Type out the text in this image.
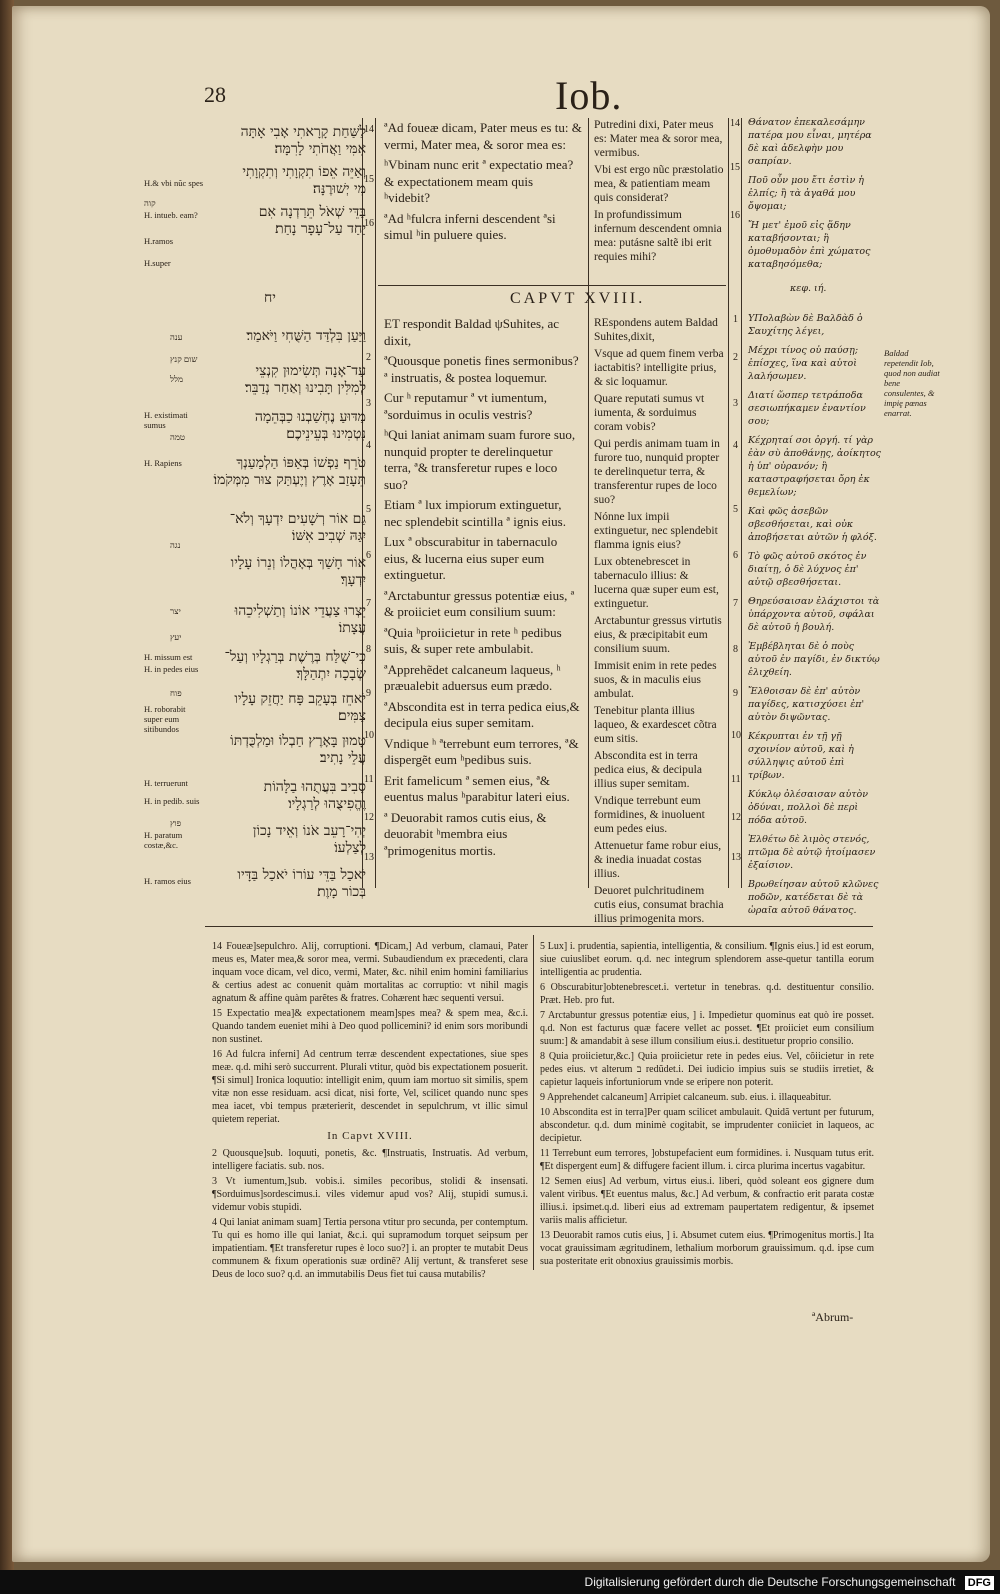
28	Iob.
לַשַּׁחַת קָרָאתִי אָבִי אָתָּה
אִמִּי וַאֲחֹתִי לָרִמָּה׃
וְאַיֵּה אֵפוֹ תִקְוָתִי וְתִקְוָתִי
מִי יְשׁוּרֶנָּה׃
בַּדֵּי שְׁאֹל תֵּרַדְנָה אִם
יַחַד עַל־עָפָר נָחַת׃
יח
וַיַּעַן בִּלְדַּד הַשֻּׁחִי וַיֹּאמַר׃
עַד־אָנָה תְּשִׂימוּן קִנְצֵי
לְמִלִּין תָּבִינוּ וְאַחַר נְדַבֵּר׃
מַדּוּעַ נֶחְשַׁבְנוּ כַבְּהֵמָה
נִטְמִינוּ בְּעֵינֵיכֶם׃
טֹרֵף נַפְשׁוֹ בְּאַפּוֹ הַלְמַעַנְךָ
תֵּעָזַב אָרֶץ וְיֶעְתַּק צוּר מִמְּקֹמוֹ׃
גַּם אוֹר רְשָׁעִים יִדְעָךְ וְלֹא־
יִגַּהּ שְׁבִיב אִשּׁוֹ׃
אוֹר חָשַׁךְ בְּאָהֳלוֹ וְנֵרוֹ עָלָיו
יִדְעָךְ׃
יֵצְרוּ צַעֲדֵי אוֹנוֹ וְתַשְׁלִיכֵהוּ
עֲצָתוֹ׃
כִּי־שֻׁלַּח בְּרֶשֶׁת בְּרַגְלָיו וְעַל־
שְׂבָכָה יִתְהַלָּךְ׃
יֹאחֵז בְּעָקֵב פָּח יַחֲזֵק עָלָיו
צַמִּים׃
טָמוּן בָּאָרֶץ חַבְלוֹ וּמַלְכֻּדְתּוֹ
עֲלֵי נָתִיב׃
סָבִיב בִּעֲתֻהוּ בַלָּהוֹת
וֶהֱפִיצֻהוּ לְרַגְלָיו׃
יְהִי־רָעֵב אֹנוֹ וְאֵיד נָכוֹן
לְצַלְעוֹ׃
יֹאכַל בַּדֵּי עוֹרוֹ יֹאכַל בַּדָּיו
בְּכוֹר מָוֶת׃
H.& vbi nũc spes
קוה
H. intueb. eam?
H.ramos
H.super
ענה
שום קנץ
מלל
H. existimati sumus
טמה
H. Rapiens
נגה
יצר
יעץ
H. missum est
H. in pedes eius
פוח
H. roborabit super eum sitibundos
H. terruerunt
H. in pedib. suis
פוץ
H. paratum costæ,&c.
H. ramos eius
14
15
16
2
3
4
5
6
7
8
9
10
11
12
13
14
15
16
1
2
3
4
5
6
7
8
9
10
11
12
13

ªAd foueæ dicam, Pater meus es tu: & vermi, Mater mea, & soror mea es:

ʰVbinam nunc erit ª expectatio mea? & expectationem meam quis ʰvidebit?

ªAd ʰfulcra inferni descendent ªsi simul ʰin puluere quies.

CAPVT XVIII.

ET respondit Baldad ψSuhites, ac dixit,

ªQuousque ponetis fines sermonibus? ª instruatis, & postea loquemur.

Cur ʰ reputamur ª vt iumentum, ªsorduimus in oculis vestris?

ʰQui laniat animam suam furore suo, nunquid propter te derelinquetur terra, ª& transferetur rupes e loco suo?

Etiam ª lux impiorum extinguetur, nec splendebit scintilla ª ignis eius.

Lux ª obscurabitur in tabernaculo eius, & lucerna eius super eum extinguetur.

ªArctabuntur gressus potentiæ eius, ª & proiiciet eum consilium suum:

ªQuia ʰproiicietur in rete ʰ pedibus suis, & super rete ambulabit.

ªApprehẽdet calcaneum laqueus, ʰ præualebit aduersus eum prædo.

ªAbscondita est in terra pedica eius,& decipula eius super semitam.

Vndique ʰ ªterrebunt eum terrores, ª& dispergẽt eum ʰpedibus suis.

Erit famelicum ª semen eius, ª& euentus malus ʰparabitur lateri eius.

ª Deuorabit ramos cutis eius, & deuorabit ʰmembra eius ªprimogenitus mortis.

Putredini dixi, Pater meus es: Mater mea & soror mea, vermibus.

Vbi est ergo nũc præstolatio mea, & patientiam meam quis considerat?

In profundissimum infernum descendent omnia mea: putásne saltẽ ibi erit requies mihi?

REspondens autem Baldad Suhites,dixit,

Vsque ad quem finem verba iactabitis? intelligite prius, & sic loquamur.

Quare reputati sumus vt iumenta, & sorduimus coram vobis?

Qui perdis animam tuam in furore tuo, nunquid propter te derelinquetur terra, & transferentur rupes de loco suo?

Nónne lux impii extinguetur, nec splendebit flamma ignis eius?

Lux obtenebrescet in tabernaculo illius: & lucerna quæ super eum est, extinguetur.

Arctabuntur gressus virtutis eius, & præcipitabit eum consilium suum.

Immisit enim in rete pedes suos, & in maculis eius ambulat.

Tenebitur planta illius laqueo, & exardescet cõtra eum sitis.

Abscondita est in terra pedica eius, & decipula illius super semitam.

Vndique terrebunt eum formidines, & inuoluent eum pedes eius.

Attenuetur fame robur eius, & inedia inuadat costas illius.

Deuoret pulchritudinem cutis eius, consumat brachia illius primogenita mors.

Θάνατον ἐπεκαλεσάμην πατέρα μου εἶναι, μητέρα δὲ καὶ ἀδελφὴν μου σαπρίαν.

Ποῦ οὖν μου ἔτι ἐστὶν ἡ ἐλπίς; ἢ τὰ ἀγαθά μου ὄψομαι;

Ἤ μετ' ἐμοῦ εἰς ᾅδην καταβήσονται; ἢ ὁμοθυμαδὸν ἐπὶ χώματος καταβησόμεθα;

κεφ. ιή.

ΥΠολαβὼν δὲ Βαλδὰδ ὁ Σαυχίτης λέγει,

Μέχρι τίνος οὐ παύσῃ; ἐπίσχες, ἵνα καὶ αὐτοὶ λαλήσωμεν.

Διατί ὥσπερ τετράποδα σεσιωπήκαμεν ἐναντίον σου;

Κέχρηταί σοι ὀργή. τί γὰρ ἐὰν σὺ ἀποθάνῃς, ἀοίκητος ἡ ὑπ' οὐρανόν; ἢ καταστραφήσεται ὄρη ἐκ θεμελίων;

Καὶ φῶς ἀσεβῶν σβεσθήσεται, καὶ οὐκ ἀποβήσεται αὐτῶν ἡ φλόξ.

Τὸ φῶς αὐτοῦ σκότος ἐν διαίτῃ, ὁ δὲ λύχνος ἐπ' αὐτῷ σβεσθήσεται.

Θηρεύσαισαν ἐλάχιστοι τὰ ὑπάρχοντα αὐτοῦ, σφάλαι δὲ αὐτοῦ ἡ βουλή.

Ἐμβέβληται δὲ ὁ ποὺς αὐτοῦ ἐν παγίδι, ἐν δικτύῳ ἑλιχθείη.

Ἔλθοισαν δὲ ἐπ' αὐτὸν παγίδες, κατισχύσει ἐπ' αὐτὸν διψῶντας.

Κέκρυπται ἐν τῇ γῇ σχοινίον αὐτοῦ, καὶ ἡ σύλληψις αὐτοῦ ἐπὶ τρίβων.

Κύκλῳ ὀλέσαισαν αὐτὸν ὀδύναι, πολλοὶ δὲ περὶ πόδα αὐτοῦ.

Ἐλθέτω δὲ λιμὸς στενός, πτῶμα δὲ αὐτῷ ἡτοίμασεν ἐξαίσιον.

Βρωθείησαν αὐτοῦ κλῶνες ποδῶν, κατέδεται δὲ τὰ ὡραῖα αὐτοῦ θάνατος.

Baldad repetendit Iob, quod non audiat bene consulentes, & impiȩ pœnas enarrat.

14 Foueæ]sepulchro. Alij, corruptioni. ¶Dicam,] Ad verbum, clamaui, Pater meus es, Mater mea,& soror mea, vermi. Subaudiendum ex præcedenti, clara inquam voce dicam, vel dico, vermi, Mater, &c. nihil enim homini familiarius & certius adest ac conuenit quàm mortalitas ac corruptio: vt nihil magis agnatum & affine quàm parẽtes & fratres. Cohærent hæc sequenti versui.

15 Expectatio mea]& expectationem meam]spes mea? & spem mea, &c.i. Quando tandem eueniet mihi à Deo quod pollicemini? id enim sors moribundi non sustinet.

16 Ad fulcra inferni] Ad centrum terræ descendent expectationes, siue spes meæ. q.d. mihi serò succurrent. Plurali vtitur, quòd bis expectationem posuerit. ¶Si simul] Ironica loquutio: intelligit enim, quum iam mortuo sit similis, spem vitæ non esse residuam. acsi dicat, nisi forte, Vel, scilicet quando nunc spes mea iacet, vbi tempus præterierit, descendet in sepulchrum, vt illic simul quietem reperiat.

In Capvt XVIII.

2 Quousque]sub. loquuti, ponetis, &c. ¶Instruatis, Instruatis. Ad verbum, intelligere faciatis. sub. nos.

3 Vt iumentum,]sub. vobis.i. similes pecoribus, stolidi & insensati. ¶Sorduimus]sordescimus.i. viles videmur apud vos? Alij, stupidi sumus.i. videmur vobis stupidi.

4 Qui laniat animam suam] Tertia persona vtitur pro secunda, per contemptum. Tu qui es homo ille qui laniat, &c.i. qui supramodum torquet seipsum per impatientiam. ¶Et transferetur rupes è loco suo?] i. an propter te mutabit Deus communem & fixum operationis suæ ordinẽ? Alij vertunt, & transferet sese Deus de loco suo? q.d. an immutabilis Deus fiet tui causa mutabilis?

5 Lux] i. prudentia, sapientia, intelligentia, & consilium. ¶Ignis eius.] id est eorum, siue cuiuslibet eorum. q.d. nec integrum splendorem asse-quetur tantilla eorum intelligentia ac prudentia.

6 Obscurabitur]obtenebrescet.i. vertetur in tenebras. q.d. destituentur consilio. Præt. Heb. pro fut.

7 Arctabuntur gressus potentiæ eius, ] i. Impedietur quominus eat quò ire posset. q.d. Non est facturus quæ facere vellet ac posset. ¶Et proiiciet eum consilium suum:] & amandabit à sese illum consilium eius.i. destituetur proprio consilio.

8 Quia proiicietur,&c.] Quia proiicietur rete in pedes eius. Vel, cõiicietur in rete pedes eius. vt alterum ב redũdet.i. Dei iudicio impius suis se studiis irretiet, & capietur laqueis infortuniorum vnde se eripere non poterit.

9 Apprehendet calcaneum] Arripiet calcaneum. sub. eius. i. illaqueabitur.

10 Abscondita est in terra]Per quam scilicet ambulauit. Quidã vertunt per futurum, abscondetur. q.d. dum minimè cogitabit, se imprudenter coniiciet in laqueos, ac decipietur.

11 Terrebunt eum terrores, ]obstupefacient eum formidines. i. Nusquam tutus erit. ¶Et dispergent eum] & diffugere facient illum. i. circa plurima incertus vagabitur.

12 Semen eius] Ad verbum, virtus eius.i. liberi, quòd soleant eos gignere dum valent viribus. ¶Et euentus malus, &c.] Ad verbum, & confractio erit parata costæ illius.i. ipsimet.q.d. liberi eius ad extremam paupertatem redigentur, & ipsemet variis malis afficietur.

13 Deuorabit ramos cutis eius, ] i. Absumet cutem eius. ¶Primogenitus mortis.] Ita vocat grauissimam ægritudinem, lethalium morborum grauissimum. q.d. ipse cum sua posteritate erit obnoxius grauissimis morbis.

ªAbrum-
Digitalisierung gefördert durch die Deutsche Forschungsgemeinschaft DFG
